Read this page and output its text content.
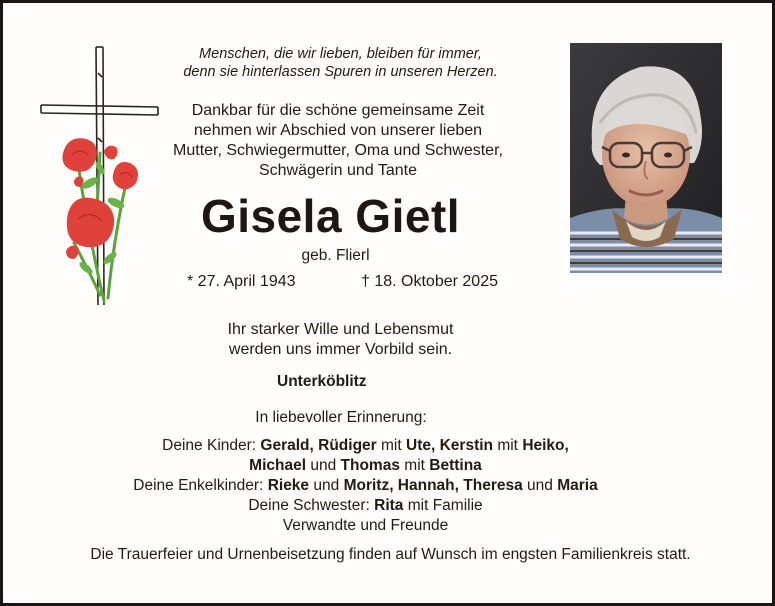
Menschen, die wir lieben, bleiben für immer,
denn sie hinterlassen Spuren in unseren Herzen.
Dankbar für die schöne gemeinsame Zeit
nehmen wir Abschied von unserer lieben
Mutter, Schwiegermutter, Oma und Schwester,
Schwägerin und Tante
Gisela Gietl
geb. Flierl
* 27. April 1943	† 18. Oktober 2025
Ihr starker Wille und Lebensmut
werden uns immer Vorbild sein.
Unterköblitz
In liebevoller Erinnerung:
Deine Kinder: Gerald, Rüdiger mit Ute, Kerstin mit Heiko,
Michael und Thomas mit Bettina
Deine Enkelkinder: Rieke und Moritz, Hannah, Theresa und Maria
Deine Schwester: Rita mit Familie
Verwandte und Freunde
Die Trauerfeier und Urnenbeisetzung finden auf Wunsch im engsten Familienkreis statt.
